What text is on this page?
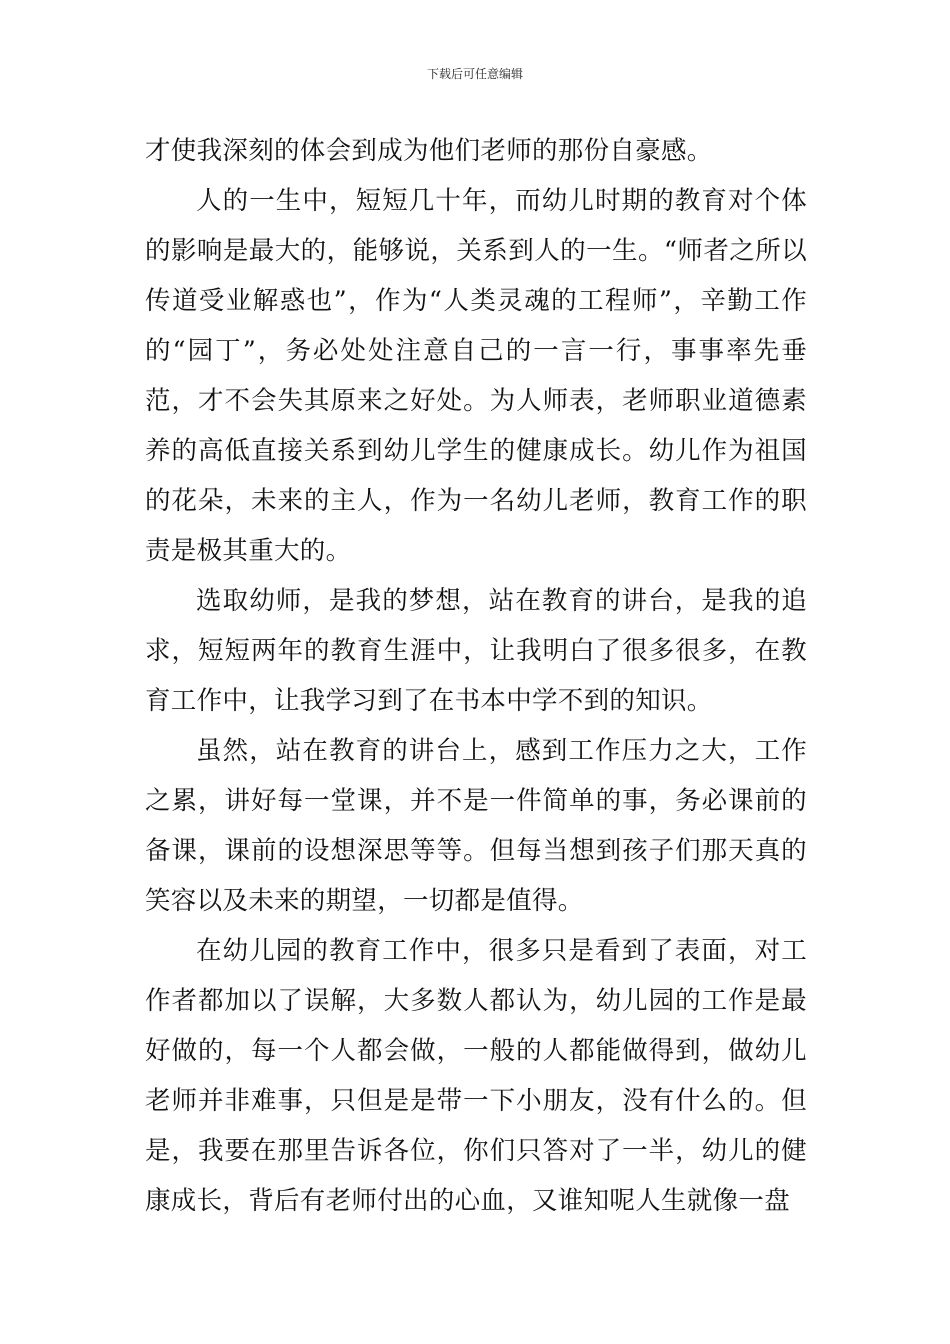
下载后可任意编辑

才使我深刻的体会到成为他们老师的那份自豪感。

人的一生中，短短几十年，而幼儿时期的教育对个体的影响是最大的，能够说，关系到人的一生。“师者之所以传道受业解惑也”，作为“人类灵魂的工程师”，辛勤工作的“园丁”，务必处处注意自己的一言一行，事事率先垂范，才不会失其原来之好处。为人师表，老师职业道德素养的高低直接关系到幼儿学生的健康成长。幼儿作为祖国的花朵，未来的主人，作为一名幼儿老师，教育工作的职责是极其重大的。

选取幼师，是我的梦想，站在教育的讲台，是我的追求，短短两年的教育生涯中，让我明白了很多很多，在教育工作中，让我学习到了在书本中学不到的知识。

虽然，站在教育的讲台上，感到工作压力之大，工作之累，讲好每一堂课，并不是一件简单的事，务必课前的备课，课前的设想深思等等。但每当想到孩子们那天真的笑容以及未来的期望，一切都是值得。

在幼儿园的教育工作中，很多只是看到了表面，对工作者都加以了误解，大多数人都认为，幼儿园的工作是最好做的，每一个人都会做，一般的人都能做得到，做幼儿老师并非难事，只但是是带一下小朋友，没有什么的。但是，我要在那里告诉各位，你们只答对了一半，幼儿的健康成长，背后有老师付出的心血，又谁知呢人生就像一盘
